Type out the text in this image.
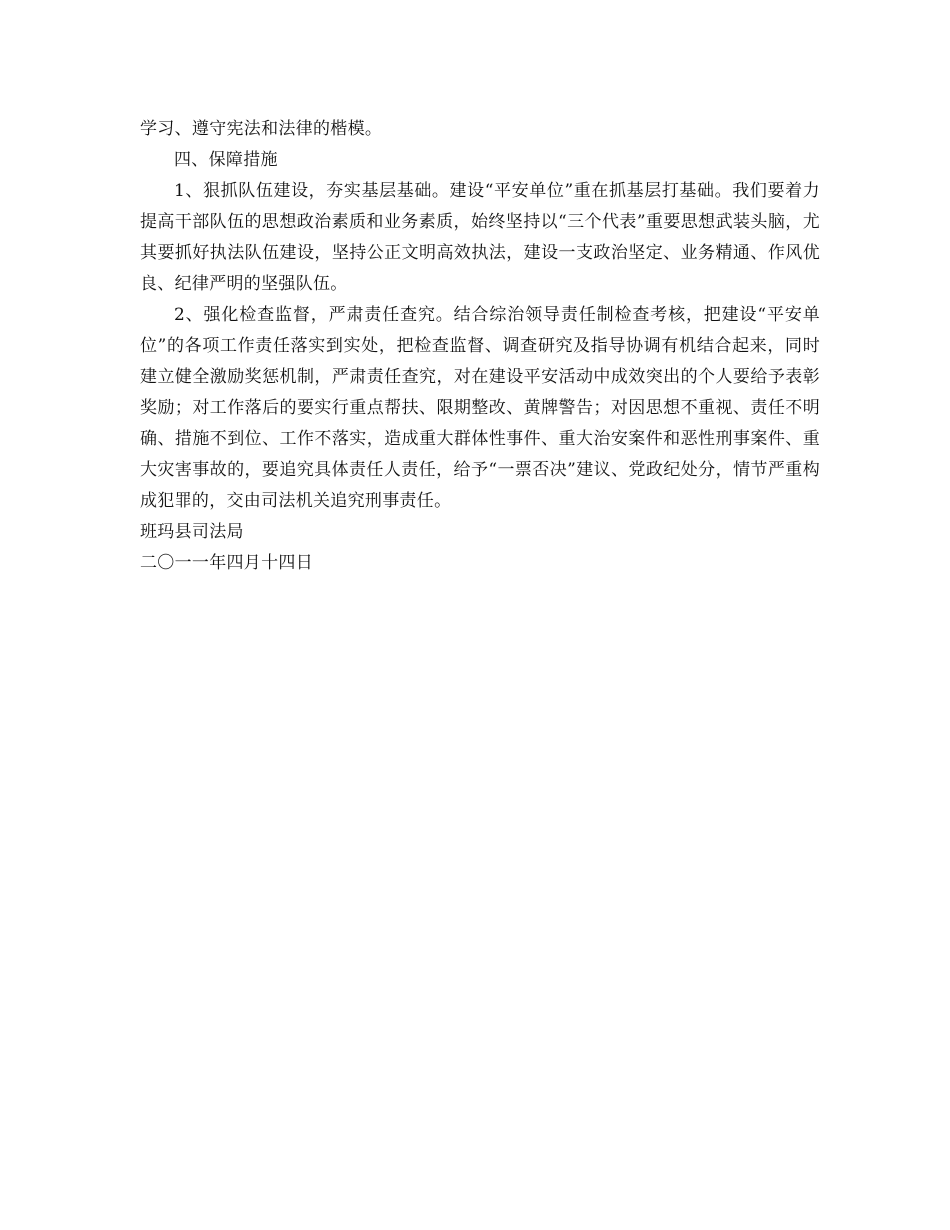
学习、遵守宪法和法律的楷模。
四、保障措施
1、狠抓队伍建设，夯实基层基础。建设“平安单位”重在抓基层打基础。我们要着力提高干部队伍的思想政治素质和业务素质，始终坚持以“三个代表”重要思想武装头脑，尤其要抓好执法队伍建设，坚持公正文明高效执法，建设一支政治坚定、业务精通、作风优良、纪律严明的坚强队伍。
2、强化检查监督，严肃责任查究。结合综治领导责任制检查考核，把建设“平安单位”的各项工作责任落实到实处，把检查监督、调查研究及指导协调有机结合起来，同时建立健全激励奖惩机制，严肃责任查究，对在建设平安活动中成效突出的个人要给予表彰奖励；对工作落后的要实行重点帮扶、限期整改、黄牌警告；对因思想不重视、责任不明确、措施不到位、工作不落实，造成重大群体性事件、重大治安案件和恶性刑事案件、重大灾害事故的，要追究具体责任人责任，给予“一票否决”建议、党政纪处分，情节严重构成犯罪的，交由司法机关追究刑事责任。
班玛县司法局
二〇一一年四月十四日
